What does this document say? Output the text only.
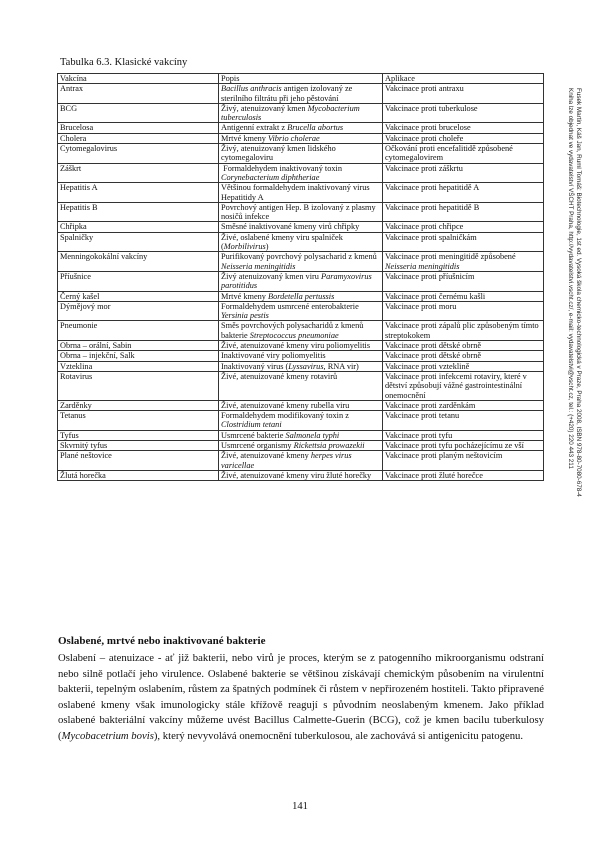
Tabulka 6.3. Klasické vakcíny
Vakcína	Popis	Aplikace
Antrax	Bacillus anthracis antigen izolovaný ze sterilního filtrátu při jeho pěstování	Vakcinace proti antraxu
BCG	Živý, atenuizovaný kmen Mycobacterium tuberculosis	Vakcinace proti tuberkulose
Brucelosa	Antigenní extrakt z Brucella abortus	Vakcinace proti brucelose
Cholera	Mrtvé kmeny Vibrio cholerae	Vakcinace proti choleře
Cytomegalovirus	Živý, atenuizovaný kmen lidského cytomegaloviru	Očkování proti encefalitidě způsobené cytomegalovirem
Záškrt	Formaldehydem inaktivovaný toxin Corynebacterium diphtheriae	Vakcinace proti záškrtu
Hepatitis A	Většinou formaldehydem inaktivovaný virus Hepatitidy A	Vakcinace proti hepatitidě A
Hepatitis B	Povrchový antigen Hep. B izolovaný z plasmy nosičů infekce	Vakcinace proti hepatitidě B
Chřipka	Směsné inaktivované kmeny virů chřipky	Vakcinace proti chřipce
Spalničky	Živé, oslabené kmeny viru spalniček (Morbilivirus)	Vakcinace proti spalničkám
Menningokokální vakcíny	Purifikovaný povrchový polysacharid z kmenů Neisseria meningitidis	Vakcinace proti meningitidě způsobené Neisseria meningitidis
Příušnice	Živý atenuizovaný kmen viru Paramyxovirus parotitidus	Vakcinace proti příušnicím
Černý kašel	Mrtvé kmeny Bordetella pertussis	Vakcinace proti černému kašli
Dýmějový mor	Formaldehydem usmrcené enterobakterie Yersinia pestis	Vakcinace proti moru
Pneumonie	Směs povrchových polysacharidů z kmenů bakterie Streptococcus pneumoniae	Vakcinace proti zápalů plic způsobeným tímto streptokokem
Obrna – orální, Sabin	Živé, atenuizované kmeny viru poliomyelitis	Vakcinace proti dětské obrně
Obrna – injekční, Salk	Inaktivované viry poliomyelitis	Vakcinace proti dětské obrně
Vzteklina	Inaktivovaný virus (Lyssavirus, RNA vir)	Vakcinace proti vzteklině
Rotavirus	Živé, atenuizované kmeny rotavirů	Vakcinace proti infekcemi rotaviry, které v dětství způsobují vážné gastrointestinální onemocnění
Zarděnky	Živé, atenuizované kmeny rubella viru	Vakcinace proti zarděnkám
Tetanus	Formaldehydem modifikovaný toxin z Clostridium tetani	Vakcinace proti tetanu
Tyfus	Usmrcené bakterie Salmonela typhi	Vakcinace proti tyfu
Skvrnitý tyfus	Usmrcené organismy Rickettsia prowazekii	Vakcinace proti tyfu pocházejícímu ze vší
Plané neštovice	Živé, atenuizované kmeny herpes virus varicellae	Vakcinace proti planým neštovicím
Žlutá horečka	Živé, atenuizované kmeny viru žluté horečky	Vakcinace proti žluté horečce	Fusek Martin, Káš Jan, Ruml Tomáš: Biotechnologie, 1st ed. Vysoká škola chemicko-technologická v Praze, Praha 2008, ISBN 978-80-7080-678-4
Kniha lze objednat ve vydavatelství VŠCHT Praha, http://vydavatelstvi.vscht.cz/, e-mail: vydavatelstvi@vscht.cz, tel.: (+420) 220 443 211
Oslabené, mrtvé nebo inaktivované bakterie

Oslabení – atenuizace - ať již bakterii, nebo virů je proces, kterým se z patogenního mikroorganismu odstraní nebo silně potlačí jeho virulence. Oslabené bakterie se většinou získávají chemickým působením na virulentní bakterii, tepelným oslabením, růstem za špatných podmínek či růstem v nepřirozeném hostiteli. Takto připravené oslabené kmeny však imunologicky stále křížově reagují s původním neoslabeným kmenem. Jako příklad oslabené bakteriální vakcíny můžeme uvést Bacillus Calmette-Guerin (BCG), což je kmen bacilu tuberkulosy (Mycobacetrium bovis), který nevyvolává onemocnění tuberkulosou, ale zachovává si antigenicitu patogenu.

141
